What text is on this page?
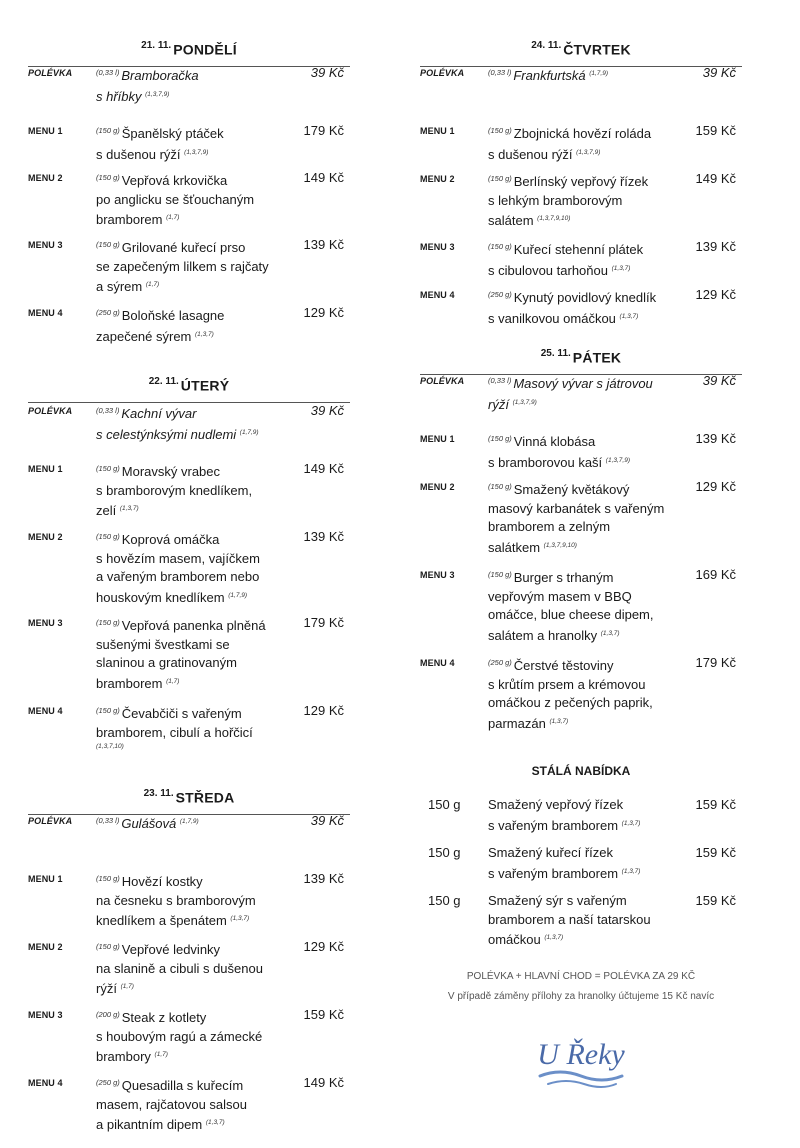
$^{21. 11.}$ PONDĚLÍ
POLÉVKA	$^{(0,33 l)}$ Bramboračka
s hříbky $^{(1,3,7,9)}$
39 Kč
MENU 1	$^{(150 g)}$ Španělský ptáček
s dušenou rýží $^{(1,3,7,9)}$
179 Kč
MENU 2	$^{(150 g)}$ Vepřová krkovička
po anglicku se šťouchaným
bramborem $^{(1,7)}$
149 Kč
MENU 3	$^{(150 g)}$ Grilované kuřecí prso
se zapečeným lilkem s rajčaty
a sýrem $^{(1,7)}$
139 Kč
MENU 4	$^{(250 g)}$ Boloňské lasagne
zapečené sýrem $^{(1,3,7)}$
129 Kč
$^{22. 11.}$ ÚTERÝ
POLÉVKA	$^{(0,33 l)}$ Kachní vývar
s celestýnksými nudlemi $^{(1,7,9)}$
39 Kč
MENU 1	$^{(150 g)}$ Moravský vrabec
s bramborovým knedlíkem,
zelí $^{(1,3,7)}$
149 Kč
MENU 2	$^{(150 g)}$ Koprová omáčka
s hovězím masem, vajíčkem
a vařeným bramborem nebo
houskovým knedlíkem $^{(1,7,9)}$
139 Kč
MENU 3	$^{(150 g)}$ Vepřová panenka plněná
sušenými švestkami se
slaninou a gratinovaným
bramborem $^{(1,7)}$
179 Kč
MENU 4	$^{(150 g)}$ Čevabčiči s vařeným
bramborem, cibulí a hořčicí
(1,3,7,10)
129 Kč
$^{23. 11.}$ STŘEDA
POLÉVKA	$^{(0,33 l)}$ Gulášová $^{(1,7,9)}$	39 Kč
MENU 1	$^{(150 g)}$ Hovězí kostky
na česneku s bramborovým
knedlíkem a špenátem $^{(1,3,7)}$
139 Kč
MENU 2	$^{(150 g)}$ Vepřové ledvinky
na slanině a cibuli s dušenou
rýží $^{(1,7)}$
129 Kč
MENU 3	$^{(200 g)}$ Steak z kotlety
s houbovým ragú a zámecké
brambory $^{(1,7)}$
159 Kč
MENU 4	$^{(250 g)}$ Quesadilla s kuřecím
masem, rajčatovou salsou
a pikantním dipem $^{(1,3,7)}$
149 Kč
$^{24. 11.}$ ČTVRTEK
POLÉVKA	$^{(0,33 l)}$ Frankfurtská $^{(1,7,9)}$	39 Kč
MENU 1	$^{(150 g)}$ Zbojnická hovězí roláda
s dušenou rýží $^{(1,3,7,9)}$
159 Kč
MENU 2	$^{(150 g)}$ Berlínský vepřový řízek
s lehkým bramborovým
salátem $^{(1,3,7,9,10)}$
149 Kč
MENU 3	$^{(150 g)}$ Kuřecí stehenní plátek
s cibulovou tarhoňou $^{(1,3,7)}$
139 Kč
MENU 4	$^{(250 g)}$ Kynutý povidlový knedlík
s vanilkovou omáčkou $^{(1,3,7)}$
129 Kč
$^{25. 11.}$ PÁTEK
POLÉVKA	$^{(0,33 l)}$ Masový vývar s játrovou
rýží $^{(1,3,7,9)}$
39 Kč
MENU 1	$^{(150 g)}$ Vinná klobása
s bramborovou kaší $^{(1,3,7,9)}$
139 Kč
MENU 2	$^{(150 g)}$ Smažený květákový
masový karbanátek s vařeným
bramborem a zelným
salátkem $^{(1,3,7,9,10)}$
129 Kč
MENU 3	$^{(150 g)}$ Burger s trhaným
vepřovým masem v BBQ
omáčce, blue cheese dipem,
salátem a hranolky $^{(1,3,7)}$
169 Kč
MENU 4	$^{(250 g)}$ Čerstvé těstoviny
s krůtím prsem a krémovou
omáčkou z pečených paprik,
parmazán $^{(1,3,7)}$
179 Kč
STÁLÁ NABÍDKA
150 g Smažený vepřový řízek
s vařeným bramborem $^{(1,3,7)}$
159 Kč
150 g Smažený kuřecí řízek
s vařeným bramborem $^{(1,3,7)}$
159 Kč
150 g Smažený sýr s vařeným
bramborem a naší tatarskou
omáčkou $^{(1,3,7)}$
159 Kč
POLÉVKA + HLAVNÍ CHOD = POLÉVKA ZA 29 KČ
V případě záměny přílohy za hranolky účtujeme 15 Kč navíc
U Řeky
